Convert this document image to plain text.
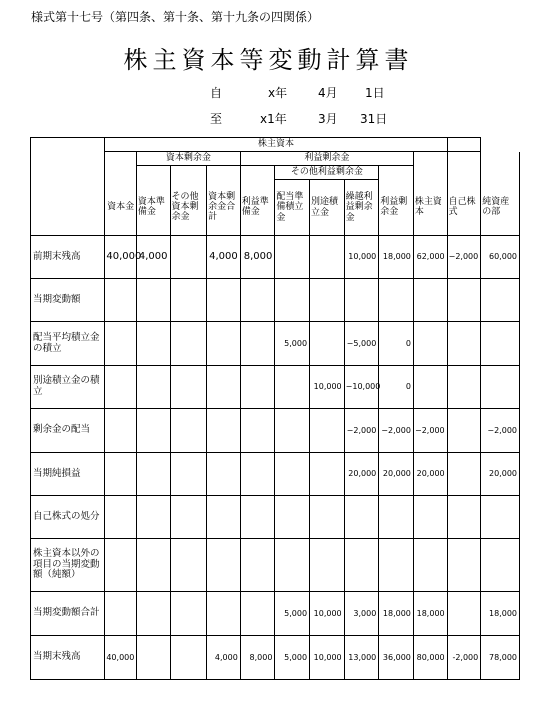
様式第十七号（第四条、第十条、第十九条の四関係）
株主資本等変動計算書
自	x年	4月 1日
至	x1年	3月 31日
	株主資本											
		資本剰余金			利益剰余金							
						その他利益剰余金						
	資本金	資本準備金	その他資本剰余金	資本剰余金合計	利益準備金	配当準備積立金	別途積立金	繰越利益剰余金	利益剰余金	株主資本	自己株式	純資産の部
前期末残高	40,000	4,000		4,000	8,000			10,000	18,000	62,000	−2,000	60,000
当期変動額												
配当平均積立金の積立						5,000		−5,000	0			
別途積立金の積立							10,000	−10,000	0			
剰余金の配当								−2,000	−2,000	−2,000		−2,000
当期純損益								20,000	20,000	20,000		20,000
自己株式の処分												
株主資本以外の項目の当期変動額（純額）												
当期変動額合計						5,000	10,000	3,000	18,000	18,000		18,000
当期末残高	40,000			4,000	8,000	5,000	10,000	13,000	36,000	80,000	-2,000	78,000
